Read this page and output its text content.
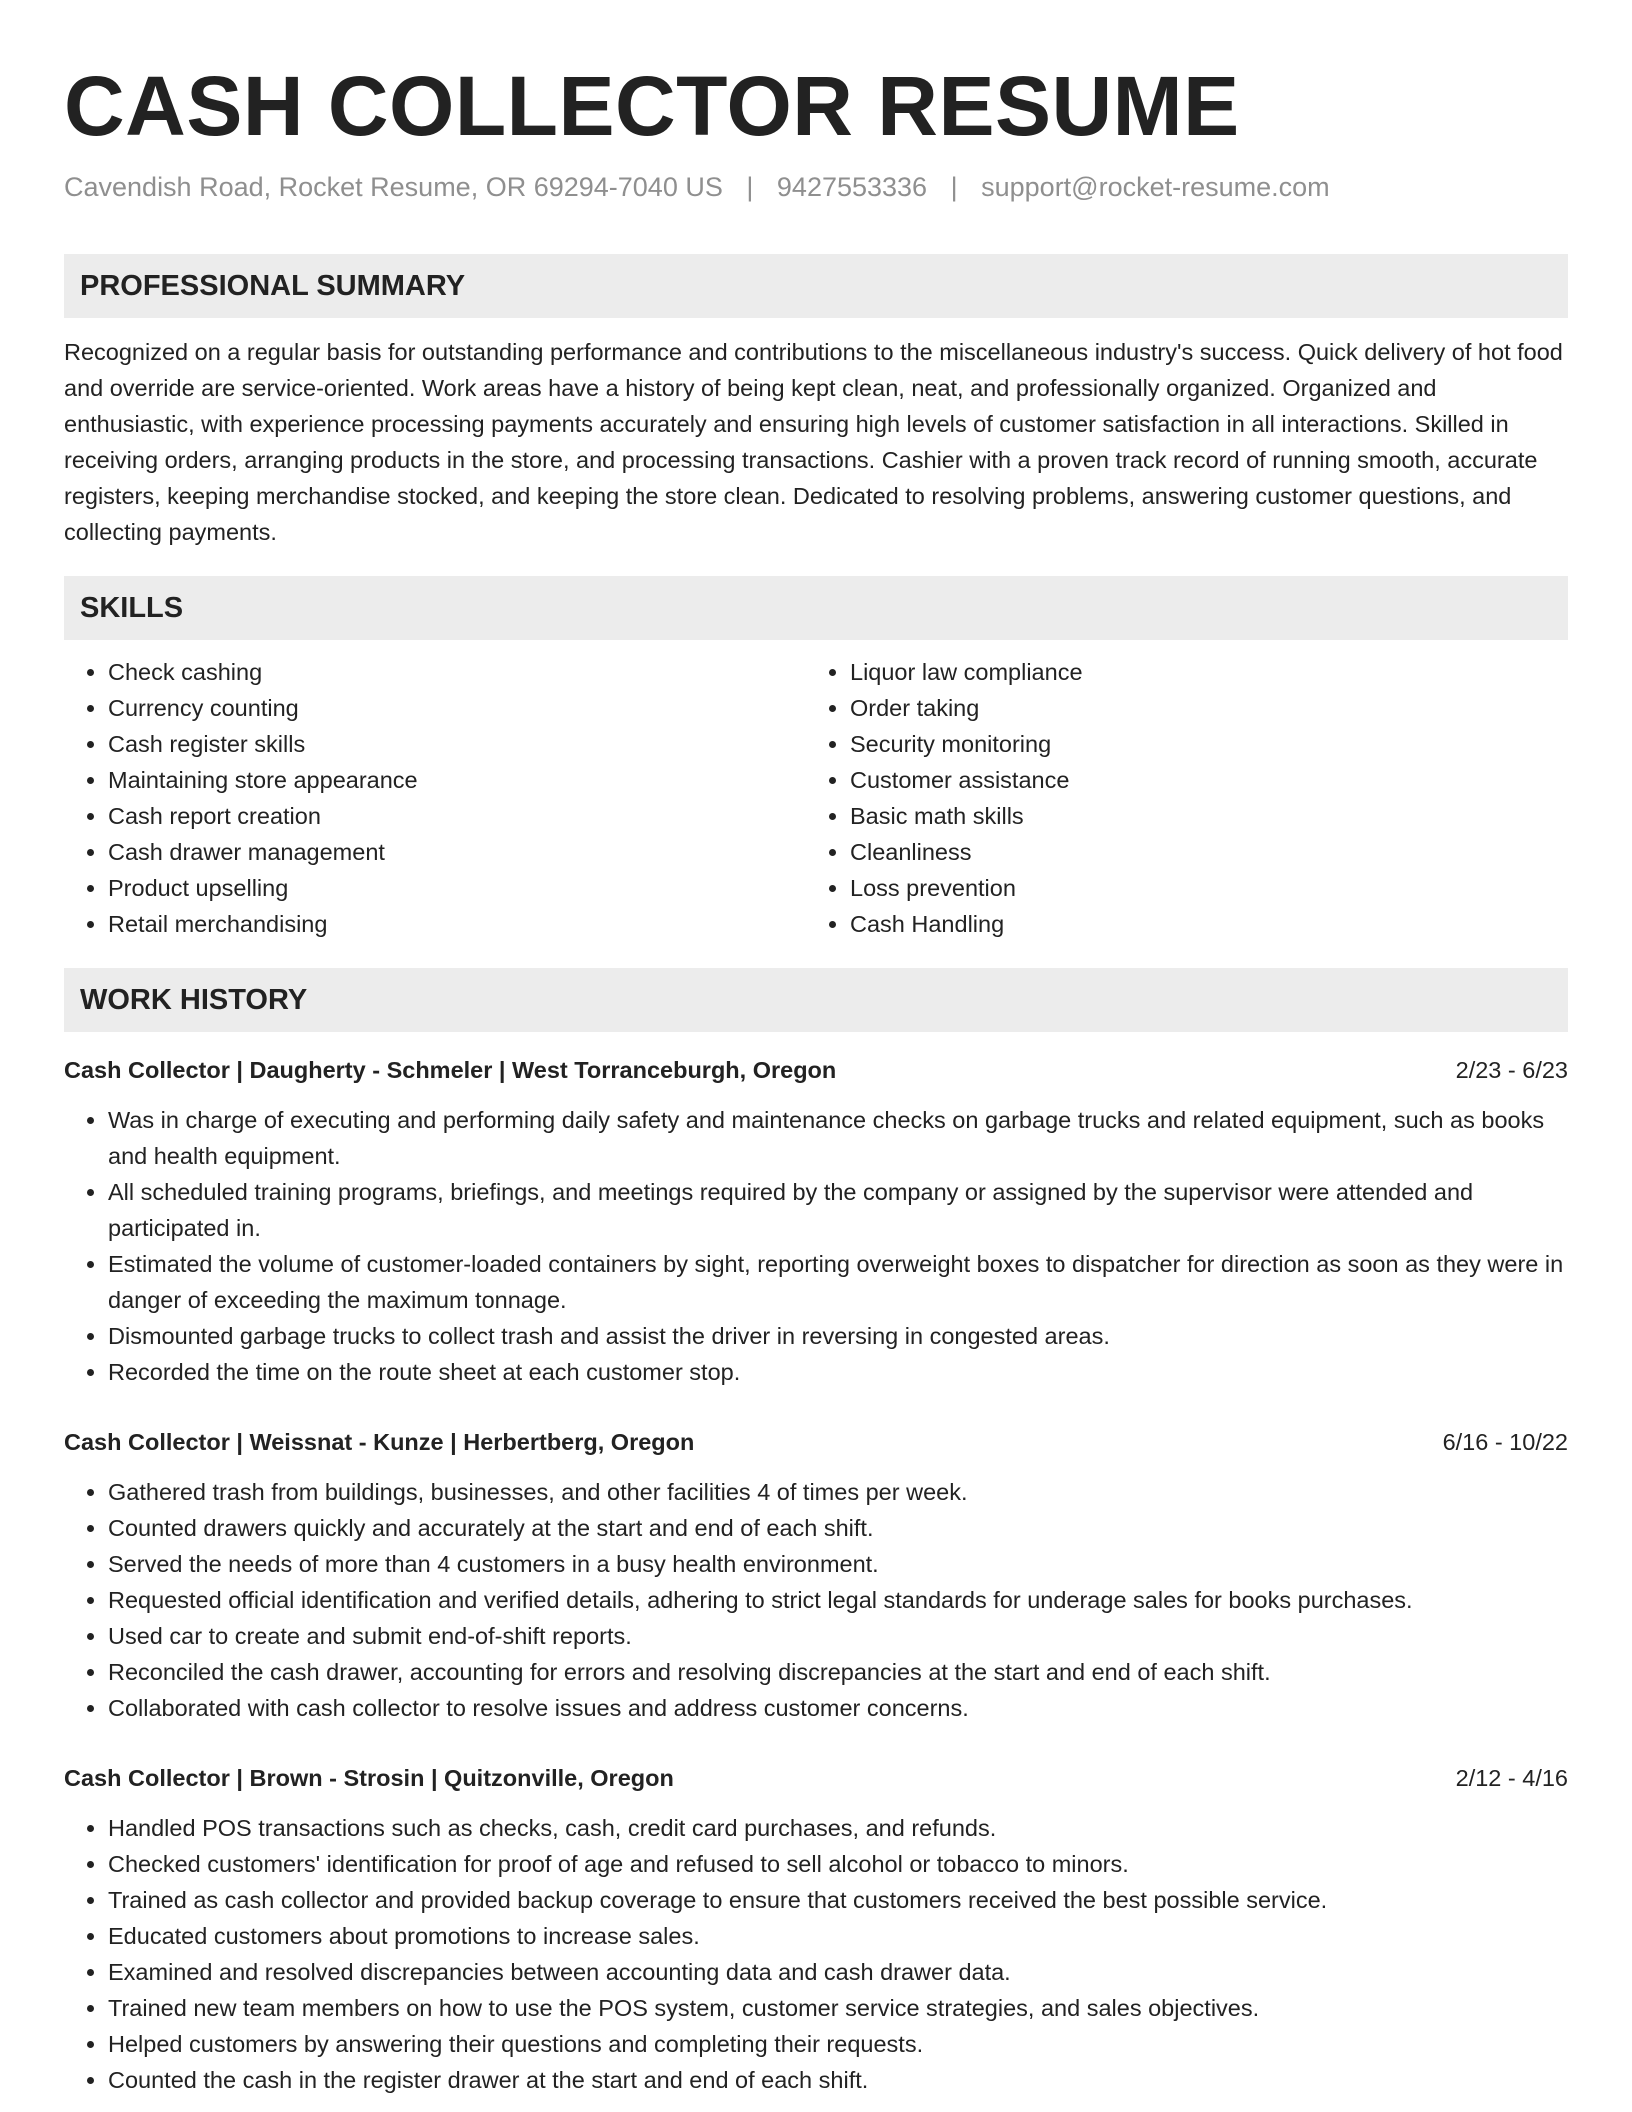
CASH COLLECTOR RESUME
Cavendish Road, Rocket Resume, OR 69294-7040 US | 9427553336 | support@rocket-resume.com
PROFESSIONAL SUMMARY
Recognized on a regular basis for outstanding performance and contributions to the miscellaneous industry's success. Quick delivery of hot food and override are service-oriented. Work areas have a history of being kept clean, neat, and professionally organized. Organized and enthusiastic, with experience processing payments accurately and ensuring high levels of customer satisfaction in all interactions. Skilled in receiving orders, arranging products in the store, and processing transactions. Cashier with a proven track record of running smooth, accurate registers, keeping merchandise stocked, and keeping the store clean. Dedicated to resolving problems, answering customer questions, and collecting payments.
SKILLS
• Check cashing
• Currency counting
• Cash register skills
• Maintaining store appearance
• Cash report creation
• Cash drawer management
• Product upselling
• Retail merchandising
• Liquor law compliance
• Order taking
• Security monitoring
• Customer assistance
• Basic math skills
• Cleanliness
• Loss prevention
• Cash Handling
WORK HISTORY
Cash Collector | Daugherty - Schmeler | West Torranceburgh, Oregon	2/23 - 6/23
• Was in charge of executing and performing daily safety and maintenance checks on garbage trucks and related equipment, such as books and health equipment.
• All scheduled training programs, briefings, and meetings required by the company or assigned by the supervisor were attended and participated in.
• Estimated the volume of customer-loaded containers by sight, reporting overweight boxes to dispatcher for direction as soon as they were in danger of exceeding the maximum tonnage.
• Dismounted garbage trucks to collect trash and assist the driver in reversing in congested areas.
• Recorded the time on the route sheet at each customer stop.
Cash Collector | Weissnat - Kunze | Herbertberg, Oregon	6/16 - 10/22
• Gathered trash from buildings, businesses, and other facilities 4 of times per week.
• Counted drawers quickly and accurately at the start and end of each shift.
• Served the needs of more than 4 customers in a busy health environment.
• Requested official identification and verified details, adhering to strict legal standards for underage sales for books purchases.
• Used car to create and submit end-of-shift reports.
• Reconciled the cash drawer, accounting for errors and resolving discrepancies at the start and end of each shift.
• Collaborated with cash collector to resolve issues and address customer concerns.
Cash Collector | Brown - Strosin | Quitzonville, Oregon	2/12 - 4/16
• Handled POS transactions such as checks, cash, credit card purchases, and refunds.
• Checked customers' identification for proof of age and refused to sell alcohol or tobacco to minors.
• Trained as cash collector and provided backup coverage to ensure that customers received the best possible service.
• Educated customers about promotions to increase sales.
• Examined and resolved discrepancies between accounting data and cash drawer data.
• Trained new team members on how to use the POS system, customer service strategies, and sales objectives.
• Helped customers by answering their questions and completing their requests.
• Counted the cash in the register drawer at the start and end of each shift.
